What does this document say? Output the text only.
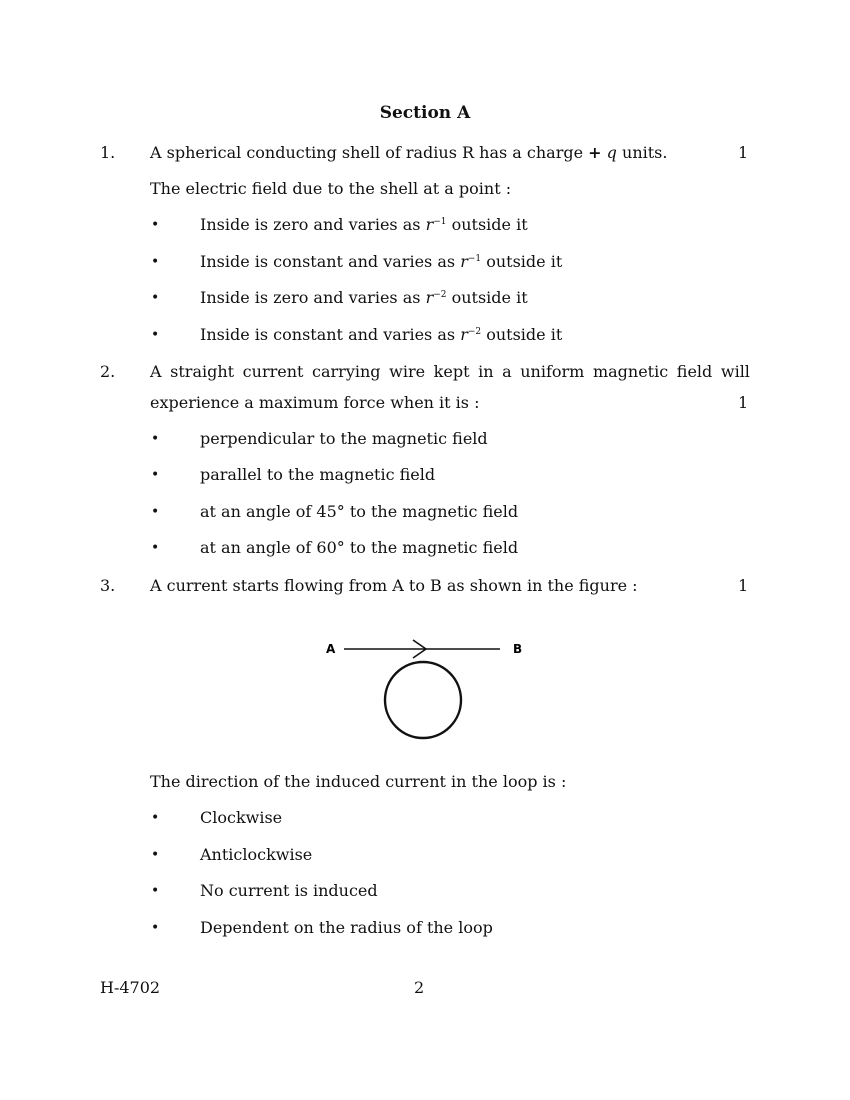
Section A
1. A spherical conducting shell of radius R has a charge + q units.	1
The electric field due to the shell at a point :
•	Inside is zero and varies as $r^{-1}$ outside it
•	Inside is constant and varies as $r^{-1}$ outside it
•	Inside is zero and varies as $r^{-2}$ outside it
•	Inside is constant and varies as $r^{-2}$ outside it
2. A straight current carrying wire kept in a uniform magnetic field will
experience a maximum force when it is :	1
•	perpendicular to the magnetic field
•	parallel to the magnetic field
•	at an angle of 45° to the magnetic field
•	at an angle of 60° to the magnetic field
3. A current starts flowing from A to B as shown in the figure :	1
A	B
The direction of the induced current in the loop is :
•	Clockwise
•	Anticlockwise
•	No current is induced
•	Dependent on the radius of the loop
H-4702	2
